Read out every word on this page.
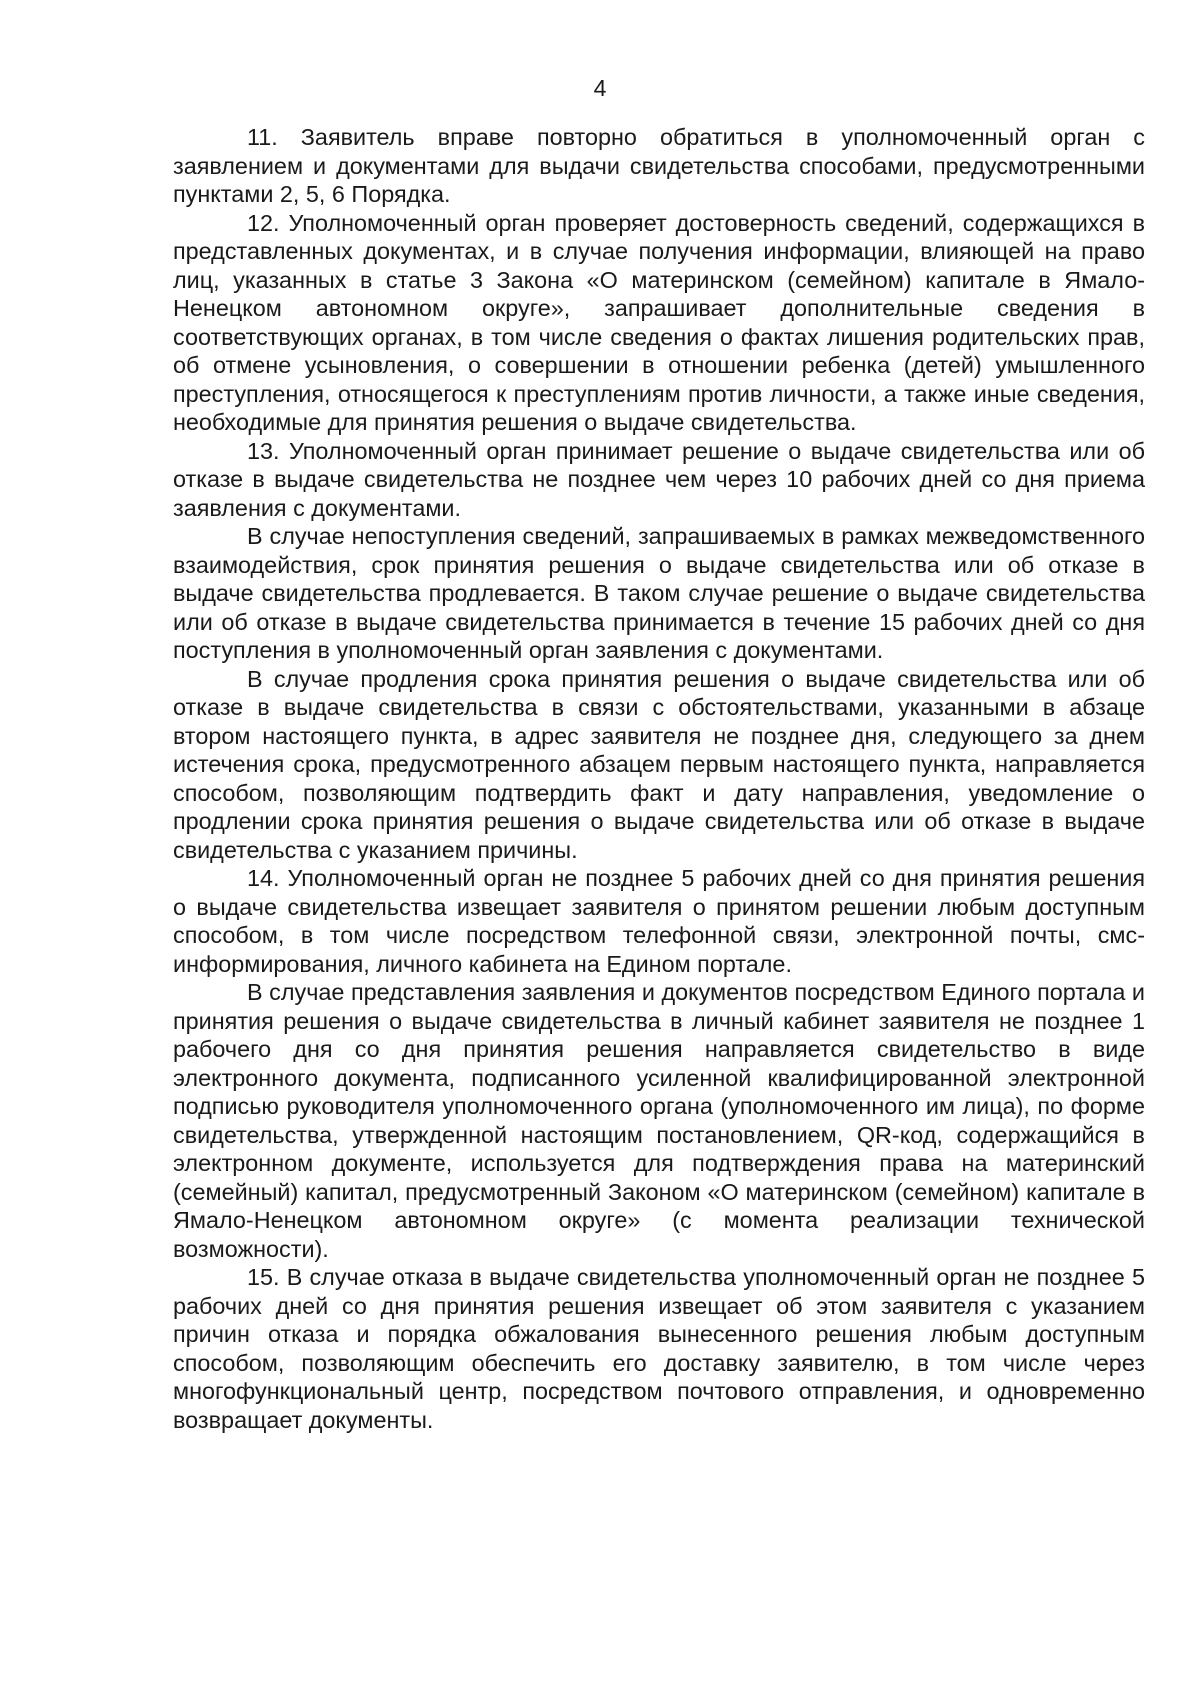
4

11. Заявитель вправе повторно обратиться в уполномоченный орган с заявлением и документами для выдачи свидетельства способами, предусмотренными пунктами 2, 5, 6 Порядка.

12. Уполномоченный орган проверяет достоверность сведений, содержащихся в представленных документах, и в случае получения информации, влияющей на право лиц, указанных в статье 3 Закона «О материнском (семейном) капитале в Ямало-Ненецком автономном округе», запрашивает дополнительные сведения в соответствующих органах, в том числе сведения о фактах лишения родительских прав, об отмене усыновления, о совершении в отношении ребенка (детей) умышленного преступления, относящегося к преступлениям против личности, а также иные сведения, необходимые для принятия решения о выдаче свидетельства.

13. Уполномоченный орган принимает решение о выдаче свидетельства или об отказе в выдаче свидетельства не позднее чем через 10 рабочих дней со дня приема заявления с документами.

В случае непоступления сведений, запрашиваемых в рамках межведомственного взаимодействия, срок принятия решения о выдаче свидетельства или об отказе в выдаче свидетельства продлевается. В таком случае решение о выдаче свидетельства или об отказе в выдаче свидетельства принимается в течение 15 рабочих дней со дня поступления в уполномоченный орган заявления с документами.

В случае продления срока принятия решения о выдаче свидетельства или об отказе в выдаче свидетельства в связи с обстоятельствами, указанными в абзаце втором настоящего пункта, в адрес заявителя не позднее дня, следующего за днем истечения срока, предусмотренного абзацем первым настоящего пункта, направляется способом, позволяющим подтвердить факт и дату направления, уведомление о продлении срока принятия решения о выдаче свидетельства или об отказе в выдаче свидетельства с указанием причины.

14. Уполномоченный орган не позднее 5 рабочих дней со дня принятия решения о выдаче свидетельства извещает заявителя о принятом решении любым доступным способом, в том числе посредством телефонной связи, электронной почты, смс-информирования, личного кабинета на Едином портале.

В случае представления заявления и документов посредством Единого портала и принятия решения о выдаче свидетельства в личный кабинет заявителя не позднее 1 рабочего дня со дня принятия решения направляется свидетельство в виде электронного документа, подписанного усиленной квалифицированной электронной подписью руководителя уполномоченного органа (уполномоченного им лица), по форме свидетельства, утвержденной настоящим постановлением, QR-код, содержащийся в электронном документе, используется для подтверждения права на материнский (семейный) капитал, предусмотренный Законом «О материнском (семейном) капитале в Ямало-Ненецком автономном округе» (с момента реализации технической возможности).

15. В случае отказа в выдаче свидетельства уполномоченный орган не позднее 5 рабочих дней со дня принятия решения извещает об этом заявителя с указанием причин отказа и порядка обжалования вынесенного решения любым доступным способом, позволяющим обеспечить его доставку заявителю, в том числе через многофункциональный центр, посредством почтового отправления, и одновременно возвращает документы.
